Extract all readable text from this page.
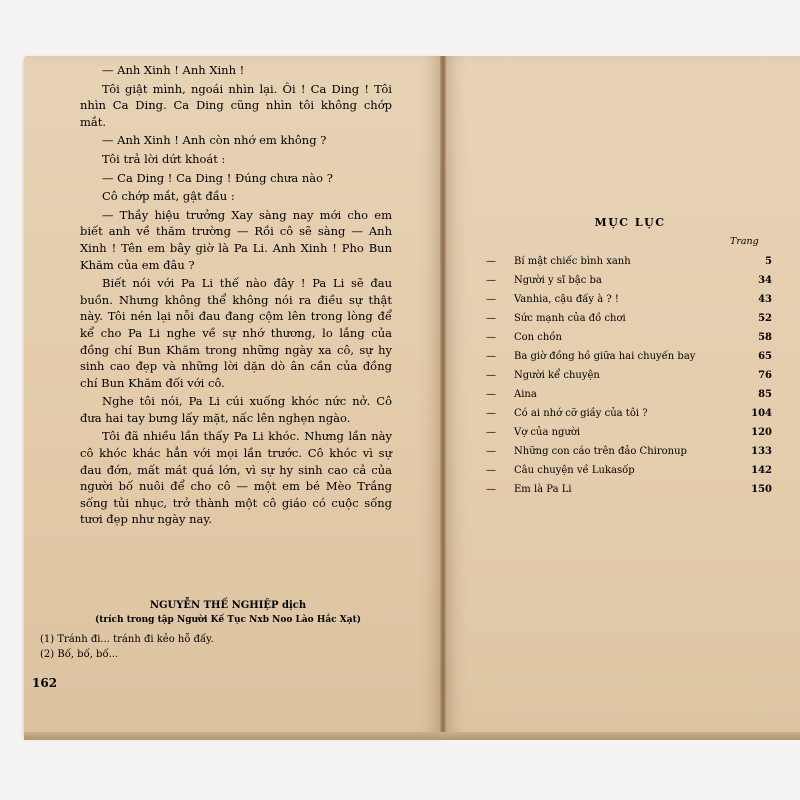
— Anh Xinh ! Anh Xinh !

Tôi giật mình, ngoái nhìn lại. Ôi ! Ca Ding ! Tôi nhìn Ca Ding. Ca Ding cũng nhìn tôi không chớp mắt.

— Anh Xinh ! Anh còn nhớ em không ?

Tôi trả lời dứt khoát :

— Ca Ding ! Ca Ding ! Đúng chưa nào ?

Cô chớp mắt, gật đầu :

— Thầy hiệu trưởng Xay sàng nay mới cho em biết anh về thăm trường — Rồi cô sẽ sàng — Anh Xinh ! Tên em bây giờ là Pa Li. Anh Xinh ! Pho Bun Khăm của em đâu ?

Biết nói với Pa Li thế nào đây ! Pa Li sẽ đau buồn. Nhưng không thể không nói ra điều sự thật này. Tôi nén lại nỗi đau đang cộm lên trong lòng để kể cho Pa Li nghe về sự nhớ thương, lo lắng của đồng chí Bun Khăm trong những ngày xa cô, sự hy sinh cao đẹp và những lời dặn dò ân cần của đồng chí Bun Khăm đối với cô.

Nghe tôi nói, Pa Li cúi xuống khóc nức nở. Cô đưa hai tay bưng lấy mặt, nấc lên nghẹn ngào.

Tôi đã nhiều lần thấy Pa Li khóc. Nhưng lần này cô khóc khác hẳn với mọi lần trước. Cô khóc vì sự đau đớn, mất mát quá lớn, vì sự hy sinh cao cả của người bố nuôi để cho cô — một em bé Mèo Trắng sống tủi nhục, trở thành một cô giáo có cuộc sống tươi đẹp như ngày nay.

NGUYỄN THẾ NGHIỆP dịch
(trích trong tập Người Kế Tục Nxb Noo Lào Hắc Xạt)
(1) Tránh đi... tránh đi kẻo hỗ đấy.
(2) Bố, bố, bố...
162
MỤC LỤC
Trang
—	Bí mật chiếc bình xanh	5
—	Người y sĩ bậc ba	34
—	Vanhia, cậu đấy à ? !	43
—	Sức mạnh của đồ chơi	52
—	Con chồn	58
—	Ba giờ đồng hồ giữa hai chuyến bay	65
—	Người kể chuyện	76
—	Aina	85
—	Có ai nhớ cỡ giầy của tôi ?	104
—	Vợ của người	120
—	Những con cáo trên đảo Chironup	133
—	Câu chuyện về Lukasốp	142
—	Em là Pa Li	150
